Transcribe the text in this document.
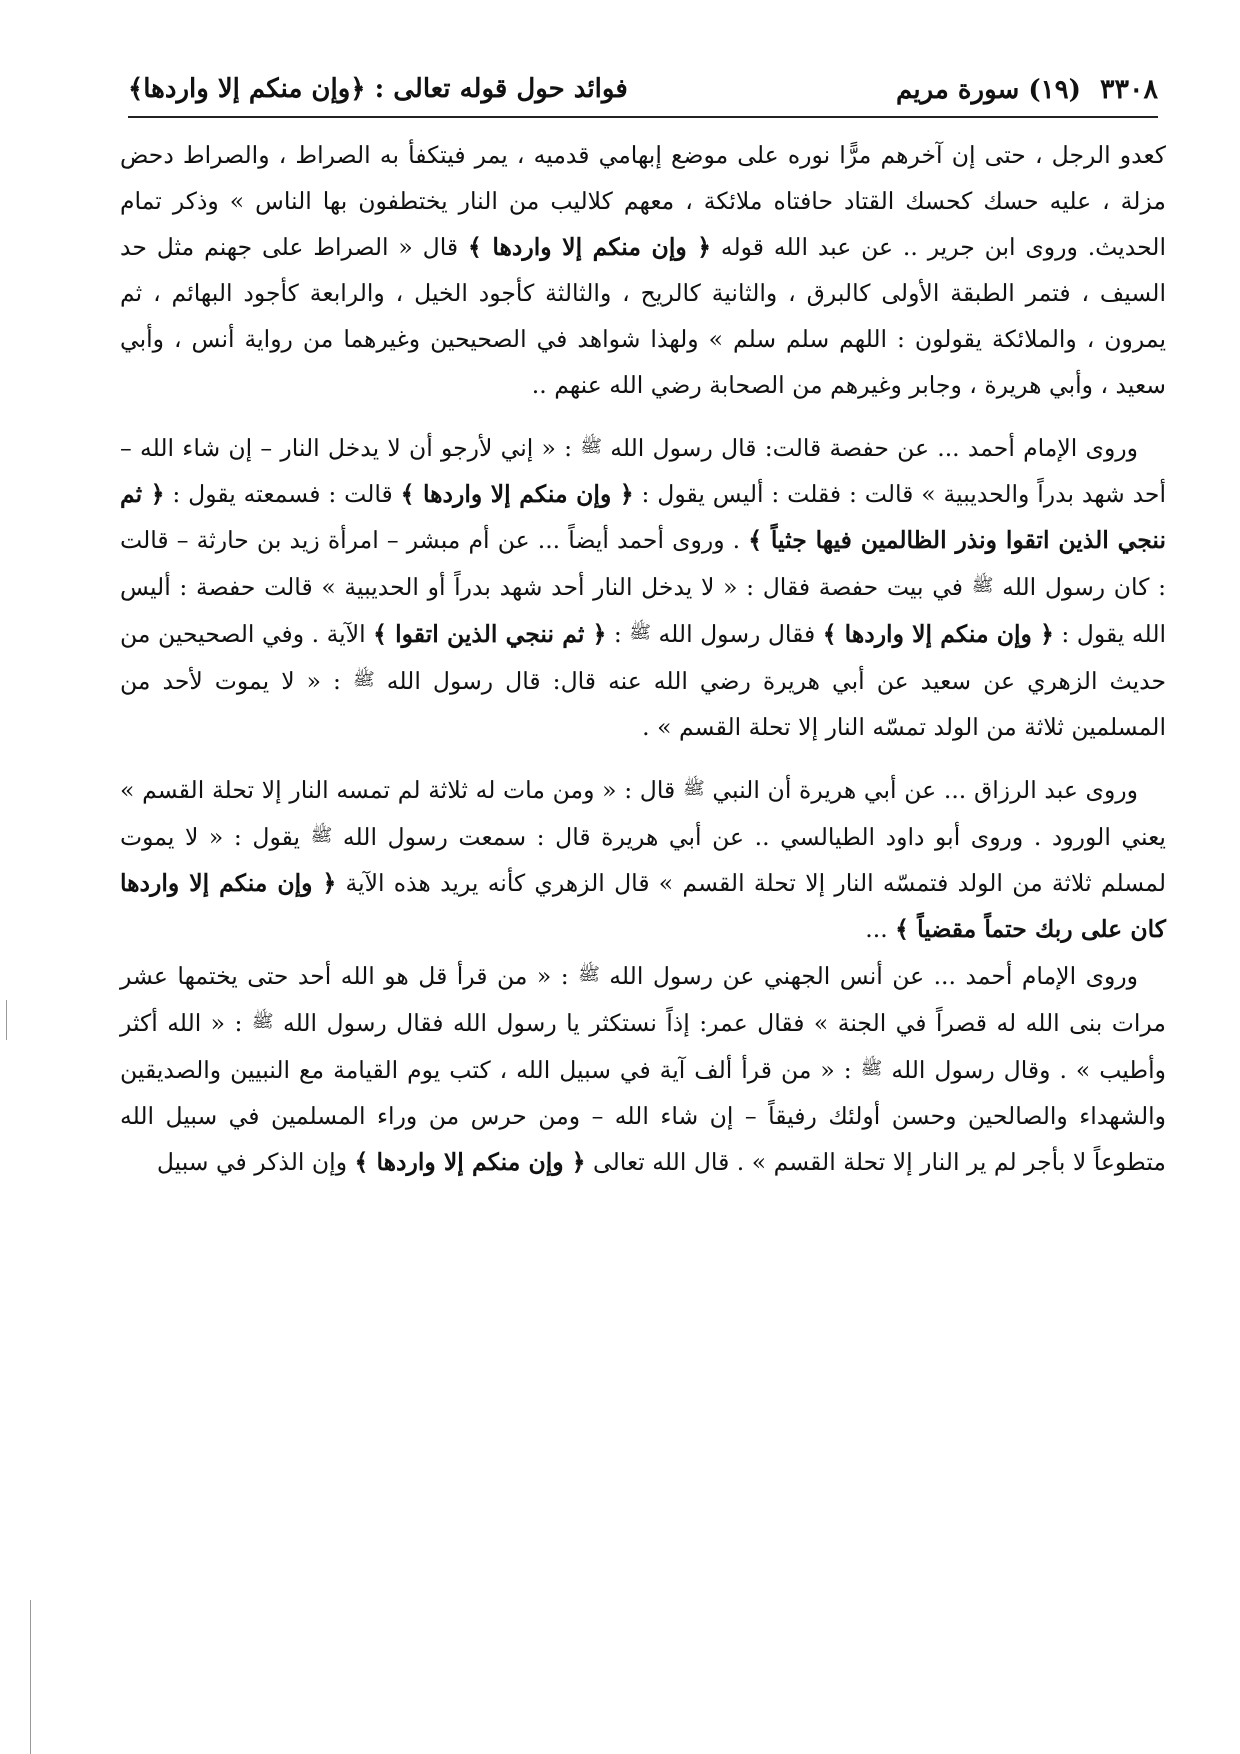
٣٣٠٨ (١٩) سورة مريم
فوائد حول قوله تعالى : ﴿وإن منكم إلا واردها﴾

كعدو الرجل ، حتى إن آخرهم مرًّا نوره على موضع إبهامي قدميه ، يمر فيتكفأ به الصراط ، والصراط دحض مزلة ، عليه حسك كحسك القتاد حافتاه ملائكة ، معهم كلاليب من النار يختطفون بها الناس » وذكر تمام الحديث. وروى ابن جرير .. عن عبد الله قوله ﴿ وإن منكم إلا واردها ﴾ قال « الصراط على جهنم مثل حد السيف ، فتمر الطبقة الأولى كالبرق ، والثانية كالريح ، والثالثة كأجود الخيل ، والرابعة كأجود البهائم ، ثم يمرون ، والملائكة يقولون : اللهم سلم سلم » ولهذا شواهد في الصحيحين وغيرهما من رواية أنس ، وأبي سعيد ، وأبي هريرة ، وجابر وغيرهم من الصحابة رضي الله عنهم ..

وروى الإمام أحمد ... عن حفصة قالت: قال رسول الله ﷺ : « إني لأرجو أن لا يدخل النار – إن شاء الله – أحد شهد بدراً والحديبية » قالت : فقلت : أليس يقول : ﴿ وإن منكم إلا واردها ﴾ قالت : فسمعته يقول : ﴿ ثم ننجي الذين اتقوا ونذر الظالمين فيها جثياً ﴾ . وروى أحمد أيضاً ... عن أم مبشر – امرأة زيد بن حارثة – قالت : كان رسول الله ﷺ في بيت حفصة فقال : « لا يدخل النار أحد شهد بدراً أو الحديبية » قالت حفصة : أليس الله يقول : ﴿ وإن منكم إلا واردها ﴾ فقال رسول الله ﷺ : ﴿ ثم ننجي الذين اتقوا ﴾ الآية . وفي الصحيحين من حديث الزهري عن سعيد عن أبي هريرة رضي الله عنه قال: قال رسول الله ﷺ : « لا يموت لأحد من المسلمين ثلاثة من الولد تمسّه النار إلا تحلة القسم » .

وروى عبد الرزاق ... عن أبي هريرة أن النبي ﷺ قال : « ومن مات له ثلاثة لم تمسه النار إلا تحلة القسم » يعني الورود . وروى أبو داود الطيالسي .. عن أبي هريرة قال : سمعت رسول الله ﷺ يقول : « لا يموت لمسلم ثلاثة من الولد فتمسّه النار إلا تحلة القسم » قال الزهري كأنه يريد هذه الآية ﴿ وإن منكم إلا واردها كان على ربك حتماً مقضياً ﴾ ...

وروى الإمام أحمد ... عن أنس الجهني عن رسول الله ﷺ : « من قرأ قل هو الله أحد حتى يختمها عشر مرات بنى الله له قصراً في الجنة » فقال عمر: إذاً نستكثر يا رسول الله فقال رسول الله ﷺ : « الله أكثر وأطيب » . وقال رسول الله ﷺ : « من قرأ ألف آية في سبيل الله ، كتب يوم القيامة مع النبيين والصديقين والشهداء والصالحين وحسن أولئك رفيقاً – إن شاء الله – ومن حرس من وراء المسلمين في سبيل الله متطوعاً لا بأجر لم ير النار إلا تحلة القسم » . قال الله تعالى ﴿ وإن منكم إلا واردها ﴾ وإن الذكر في سبيل
